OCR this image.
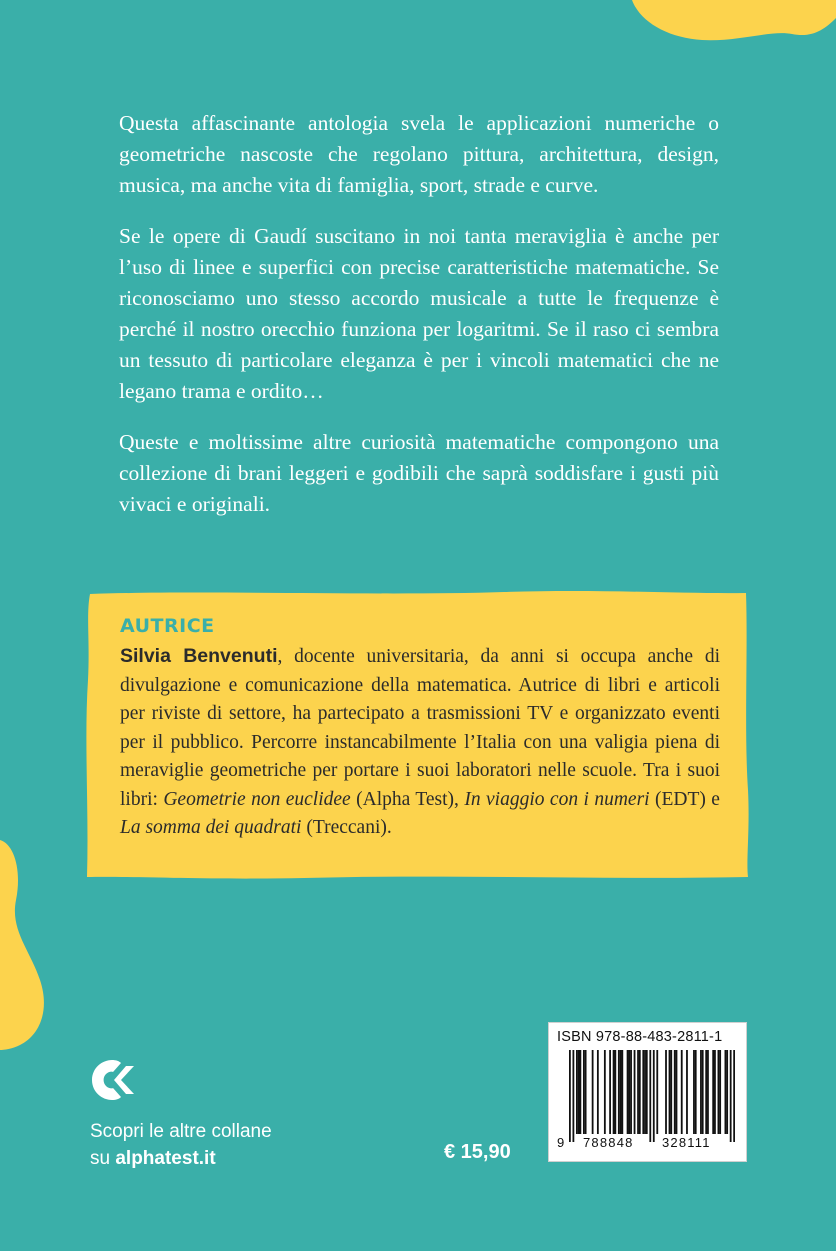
Questa affascinante antologia svela le applicazioni numeriche o geometriche nascoste che regolano pittura, architettura, design, musica, ma anche vita di famiglia, sport, strade e curve.

Se le opere di Gaudí suscitano in noi tanta meraviglia è anche per l’uso di linee e superfici con precise caratteristiche matematiche. Se riconosciamo uno stesso accordo musicale a tutte le frequenze è perché il nostro orecchio funziona per logaritmi. Se il raso ci sembra un tessuto di particolare eleganza è per i vincoli matematici che ne legano trama e ordito…

Queste e moltissime altre curiosità matematiche compongono una collezione di brani leggeri e godibili che saprà soddisfare i gusti più vivaci e originali.

AUTRICE
Silvia Benvenuti, docente universitaria, da anni si occupa anche di divulgazione e comunicazione della matematica. Autrice di libri e articoli per riviste di settore, ha partecipato a trasmissioni TV e organizzato eventi per il pubblico. Percorre instancabilmente l’Italia con una valigia piena di meraviglie geometriche per portare i suoi laboratori nelle scuole. Tra i suoi libri: Geometrie non euclidee (Alpha Test), In viaggio con i numeri (EDT) e La somma dei quadrati (Treccani).
Scopri le altre collane
su alphatest.it	€ 15,90
ISBN 978-88-483-2811-1
9 788848 328111
